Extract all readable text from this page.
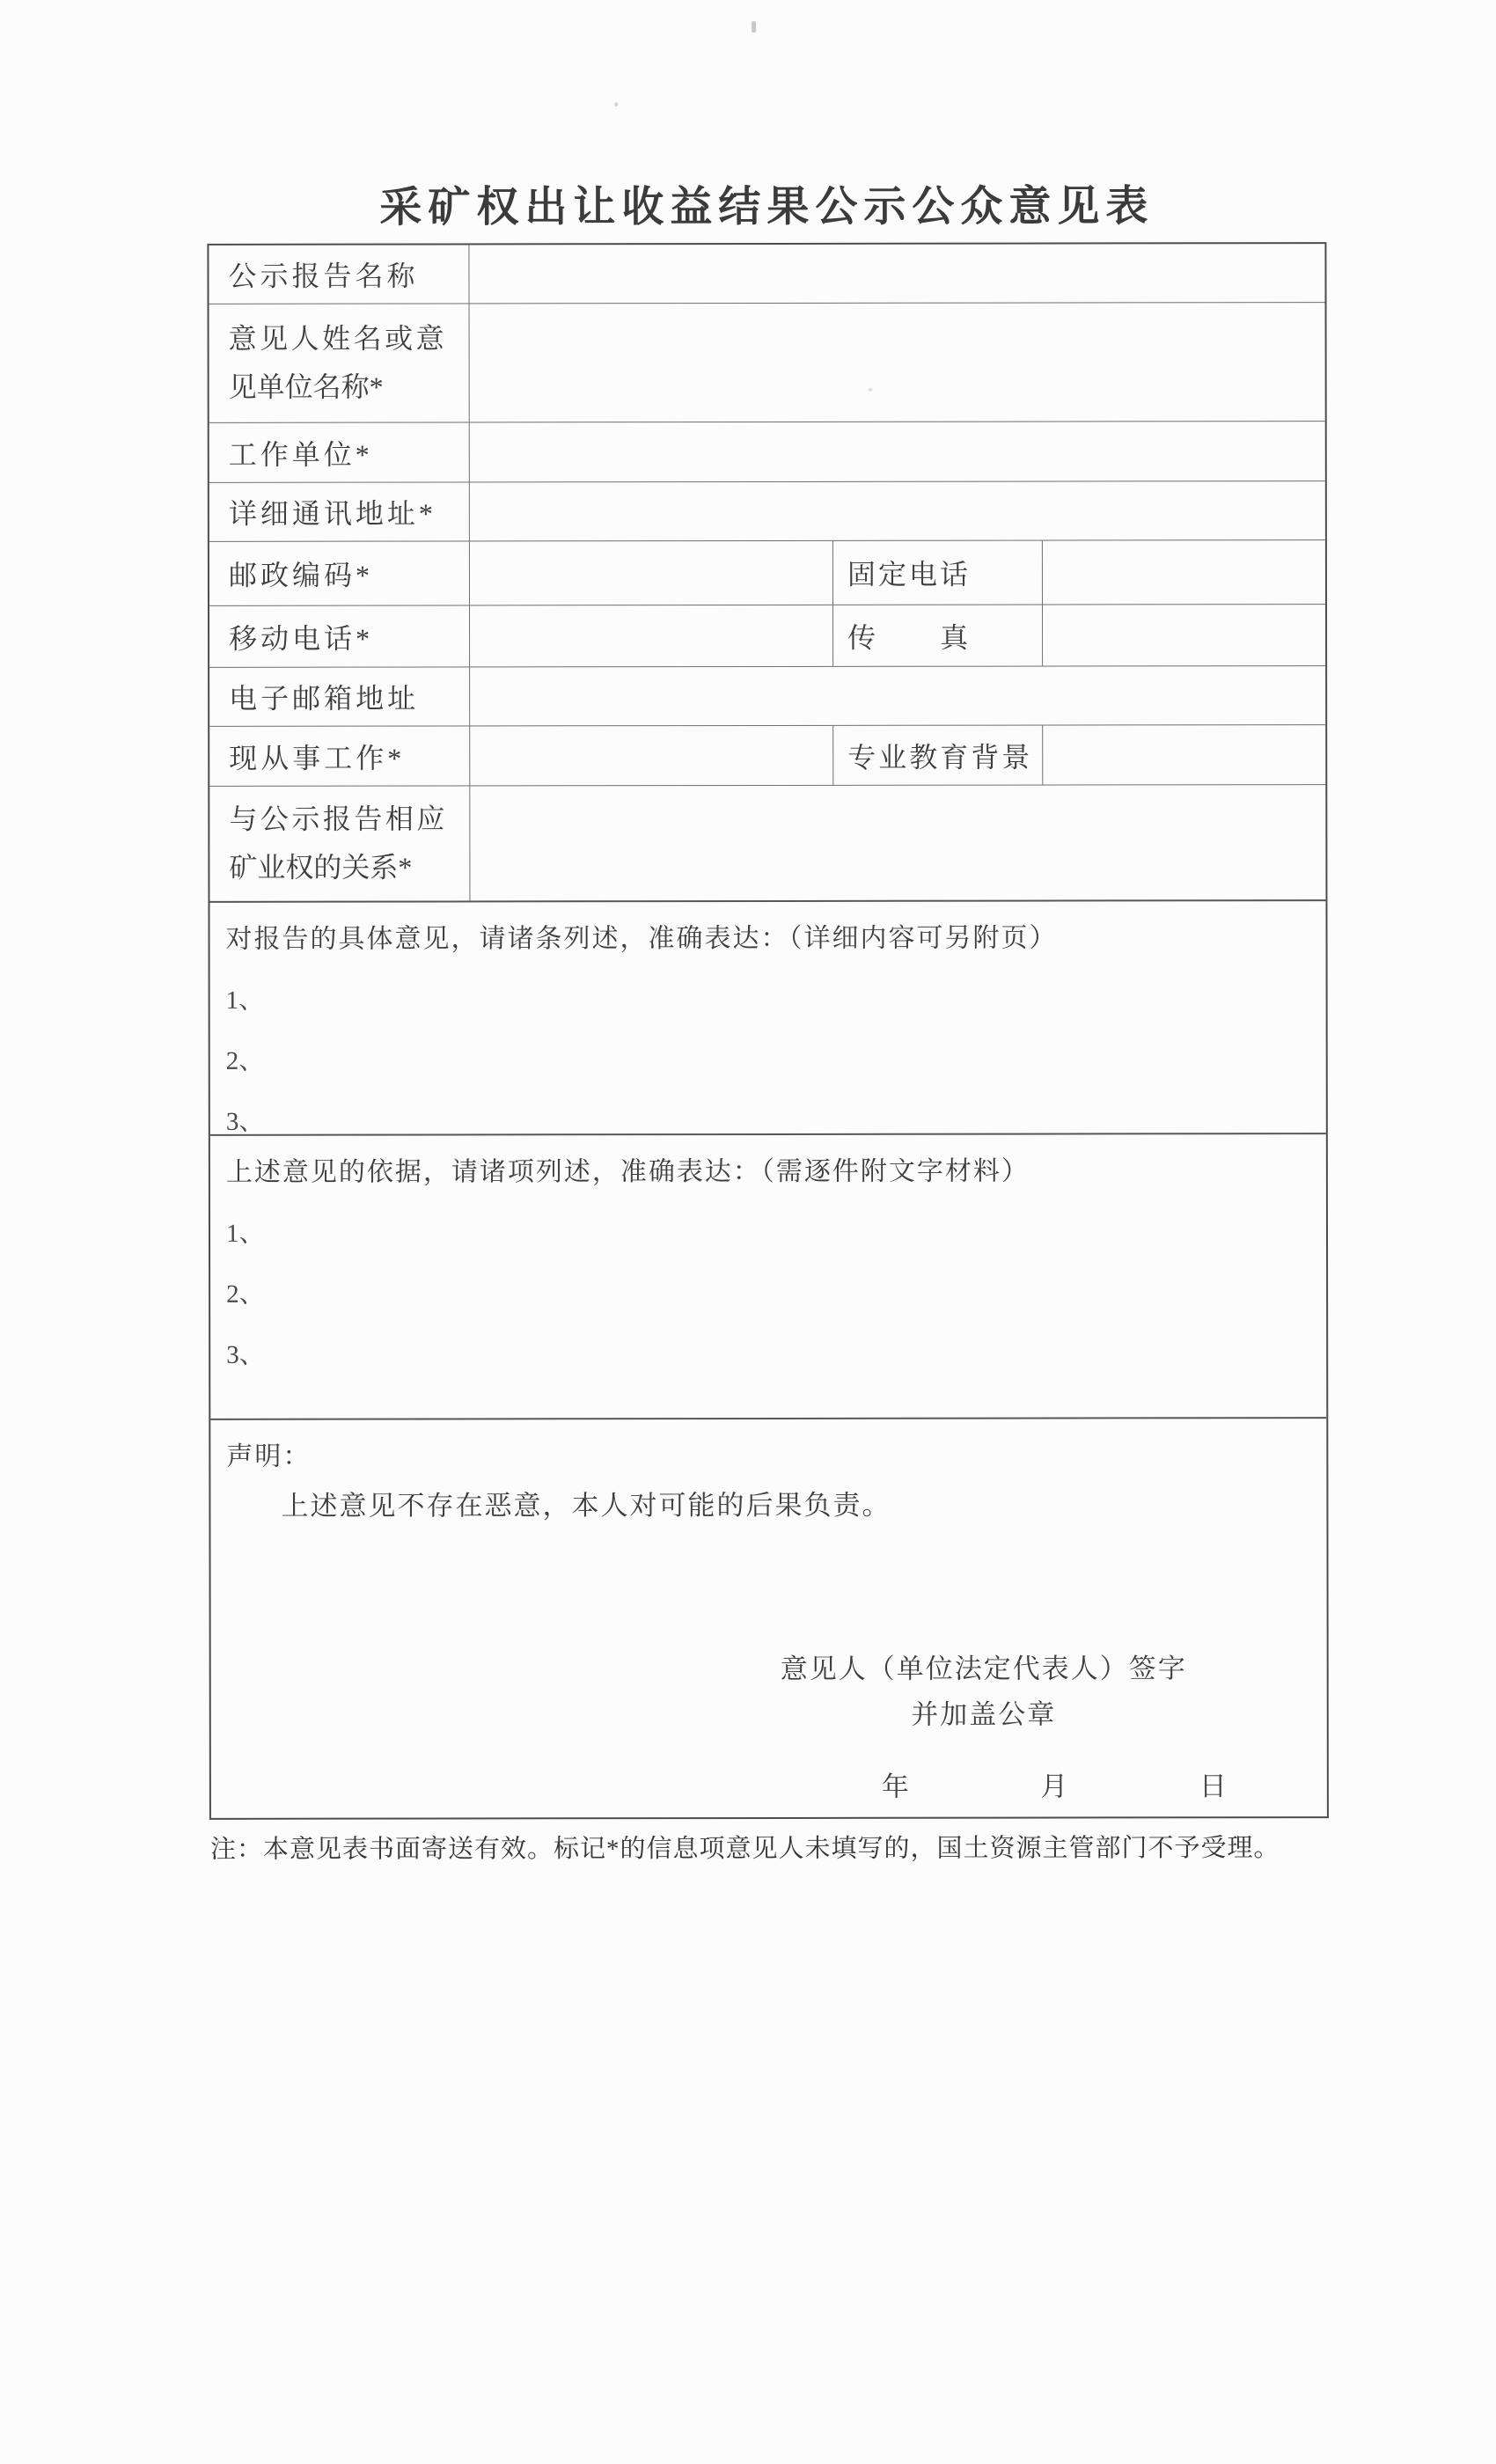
采矿权出让收益结果公示公众意见表
公示报告名称
意见人姓名或意见单位名称*
工作单位*
详细通讯地址*
邮政编码*	固定电话
移动电话*	传　　真
电子邮箱地址
现从事工作*	专业教育背景
与公示报告相应矿业权的关系*
对报告的具体意见，请诸条列述，准确表达：（详细内容可另附页）
1、
2、
3、
上述意见的依据，请诸项列述，准确表达：（需逐件附文字材料）
1、
2、
3、
声明：
上述意见不存在恶意，本人对可能的后果负责。
意见人（单位法定代表人）签字
并加盖公章
年	月	日
注：本意见表书面寄送有效。标记*的信息项意见人未填写的，国土资源主管部门不予受理。
